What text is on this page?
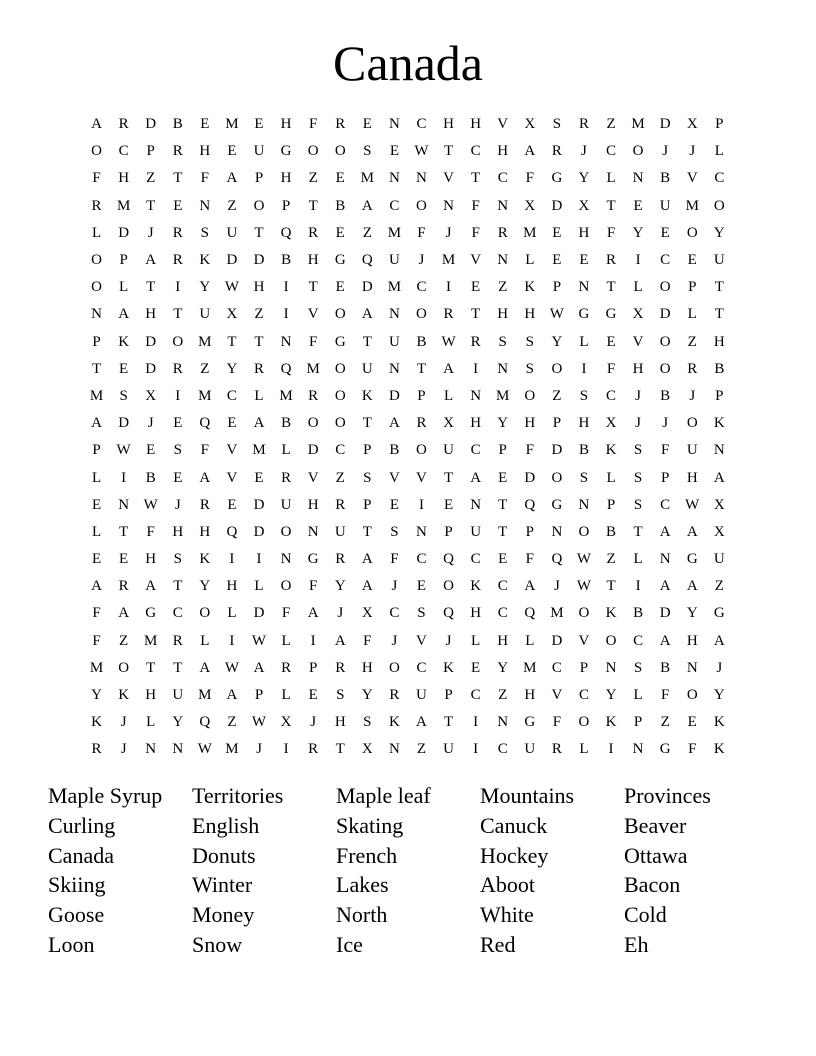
Canada
A	R	D	B	E	M	E	H	F	R	E	N	C	H	H	V	X	S	R	Z	M D	X	P
O	C	P	R	H	E	U	G	O	O	S	E	W	T	C	H	A	R	J	C	O	J	J	L
F	H	Z	T	F	A	P	H	Z	E	M N	N	V	T	C	F	G	Y	L	N	B	V	C
R	M	T	E	N	Z	O	P	T	B	A	C	O	N	F	N	X	D	X	T	E	U M O
L	D	J	R	S	U	T	Q	R	E	Z	M	F	J	F	R	M	E	H	F	Y	E	O	Y
O	P	A	R	K	D	D	B	H	G	Q	U	J	M V	N	L	E	E	R	I	C	E	U
O	L	T	I	Y W H	I	T	E	D M	C	I	E	Z	K	P	N	T	L	O	P	T
N	A	H	T	U	X	Z	I	V	O	A	N	O	R	T	H	H W G	G	X	D	L	T
P	K	D	O M	T	T	N	F	G	T	U	B W R	S	S	Y	L	E	V	O	Z	H
T	E	D	R	Z	Y	R	Q M O	U	N	T	A	I	N	S	O	I	F	H	O	R	B
M	S	X	I	M	C	L	M	R	O	K	D	P	L	N M O	Z	S	C	J	B	J	P
A	D	J	E	Q	E	A	B	O	O	T	A	R	X	H	Y	H	P	H	X	J	J	O	K
P	W	E	S	F	V M	L	D	C	P	B	O	U	C	P	F	D	B	K	S	F	U	N
L	I	B	E	A	V	E	R	V	Z	S	V	V	T	A	E	D	O	S	L	S	P	H	A
E	N W	J	R	E	D	U	H	R	P	E	I	E	N	T	Q	G	N	P	S	C W X
L	T	F	H	H	Q	D	O	N	U	T	S	N	P	U	T	P	N	O	B	T	A	A	X
E	E	H	S	K	I	I	N	G	R	A	F	C	Q	C	E	F	Q W	Z	L	N	G	U
A	R	A	T	Y	H	L	O	F	Y	A	J	E	O	K	C	A	J	W	T	I	A	A	Z
F	A	G	C	O	L	D	F	A	J	X	C	S	Q	H	C	Q M O	K	B	D	Y	G
F	Z	M	R	L	I	W	L	I	A	F	J	V	J	L	H	L	D	V	O	C	A	H	A
M O	T	T	A W A	R	P	R	H	O	C	K	E	Y M	C	P	N	S	B	N	J
Y	K	H	U M A	P	L	E	S	Y	R	U	P	C	Z	H	V	C	Y	L	F	O	Y
K	J	L	Y	Q	Z	W X	J	H	S	K	A	T	I	N	G	F	O	K	P	Z	E	K
R	J	N	N W M	J	I	R	T	X	N	Z	U	I	C	U	R	L	I	N	G	F	K
Maple Syrup	Territories	Maple leaf	Mountains	Provinces
Curling	English	Skating	Canuck	Beaver
Canada	Donuts	French	Hockey	Ottawa
Skiing	Winter	Lakes	Aboot	Bacon
Goose	Money	North	White	Cold
Loon	Snow	Ice	Red	Eh
